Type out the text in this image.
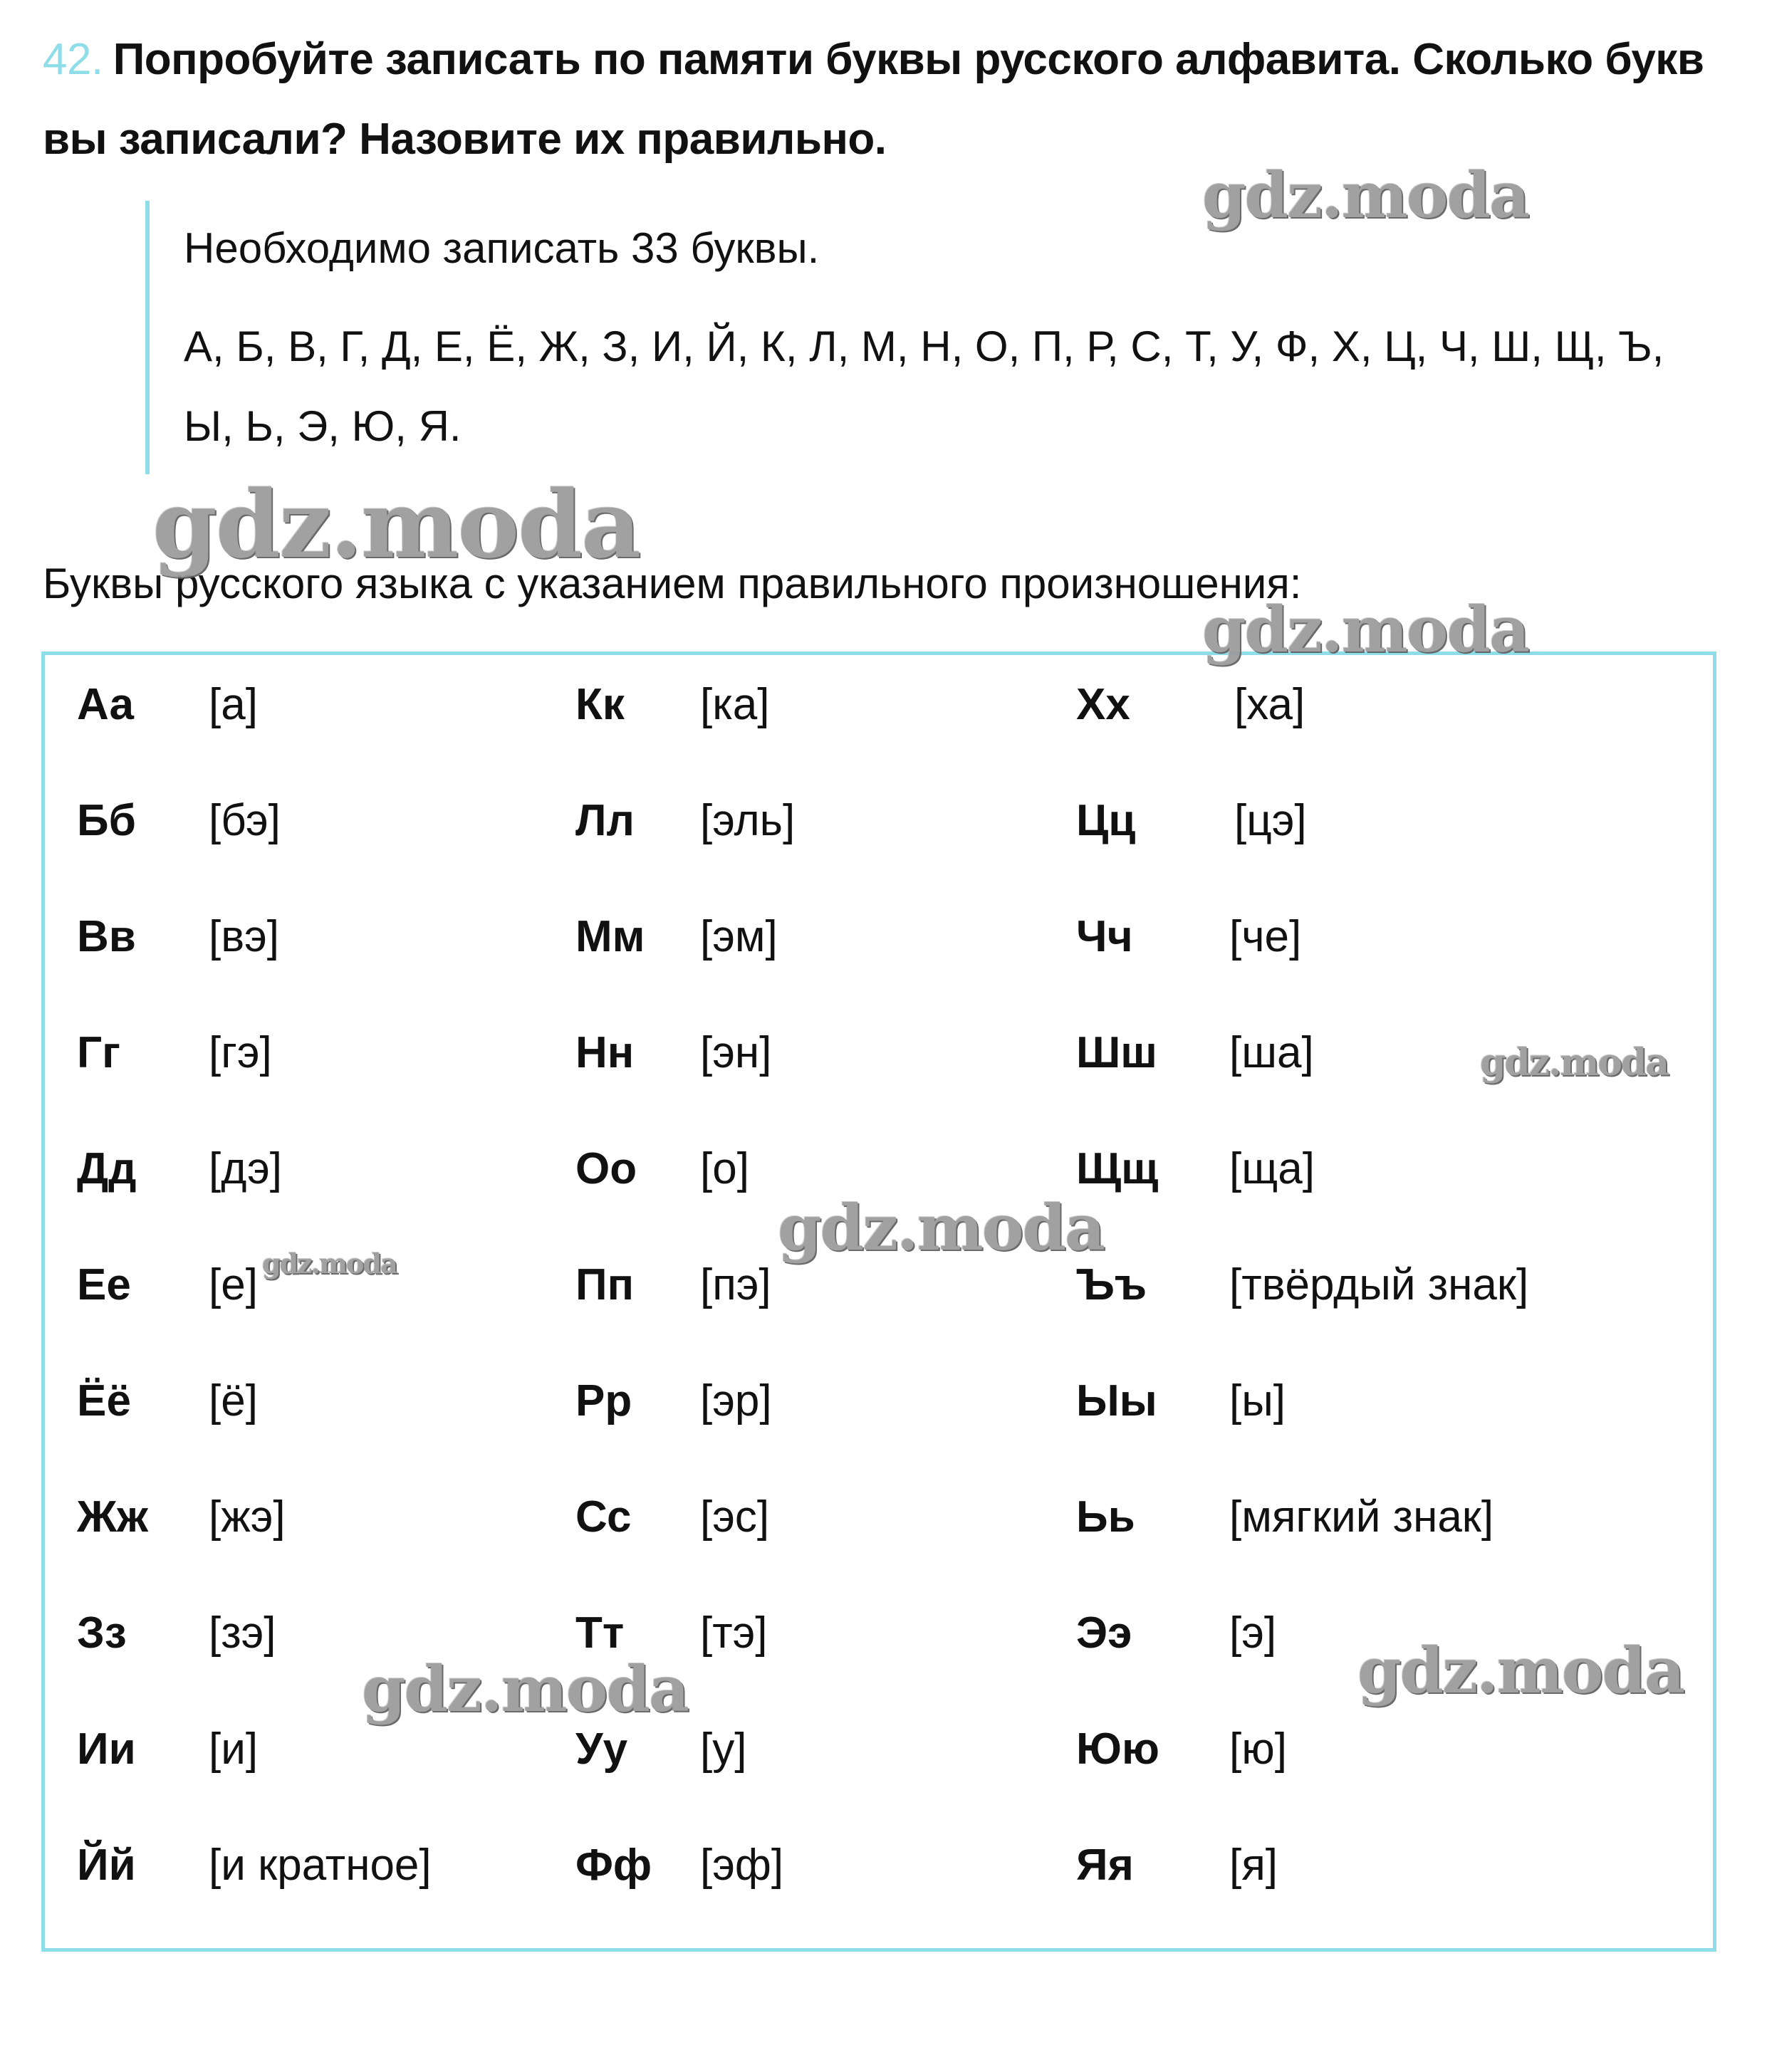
42. Попробуйте записать по памяти буквы русского алфавита. Сколько букв
вы записали? Назовите их правильно.
Необходимо записать 33 буквы.
А, Б, В, Г, Д, Е, Ё, Ж, З, И, Й, К, Л, М, Н, О, П, Р, С, Т, У, Ф, Х, Ц, Ч, Ш, Щ, Ъ,
Ы, Ь, Э, Ю, Я.
Буквы русского языка с указанием правильного произношения:
Аа [а]
Бб [бэ]
Вв [вэ]
Гг [гэ]
Дд [дэ]
Ее [е]
Ёё [ё]
Жж [жэ]
Зз [зэ]
Ии [и]
Йй [и кратное]
Кк [ка]
Лл [эль]
Мм [эм]
Нн [эн]
Оо [о]
Пп [пэ]
Рр [эр]
Сс [эс]
Тт [тэ]
Уу [у]
Фф [эф]
Хх [ха]
Цц [цэ]
Чч [че]
Шш [ша]
Щщ [ща]
Ъъ [твёрдый знак]
Ыы [ы]
Ьь [мягкий знак]
Ээ [э]
Юю [ю]
Яя [я]
gdz.moda
gdz.moda
gdz.moda
gdz.moda
gdz.moda
gdz.moda
gdz.moda
gdz.moda
